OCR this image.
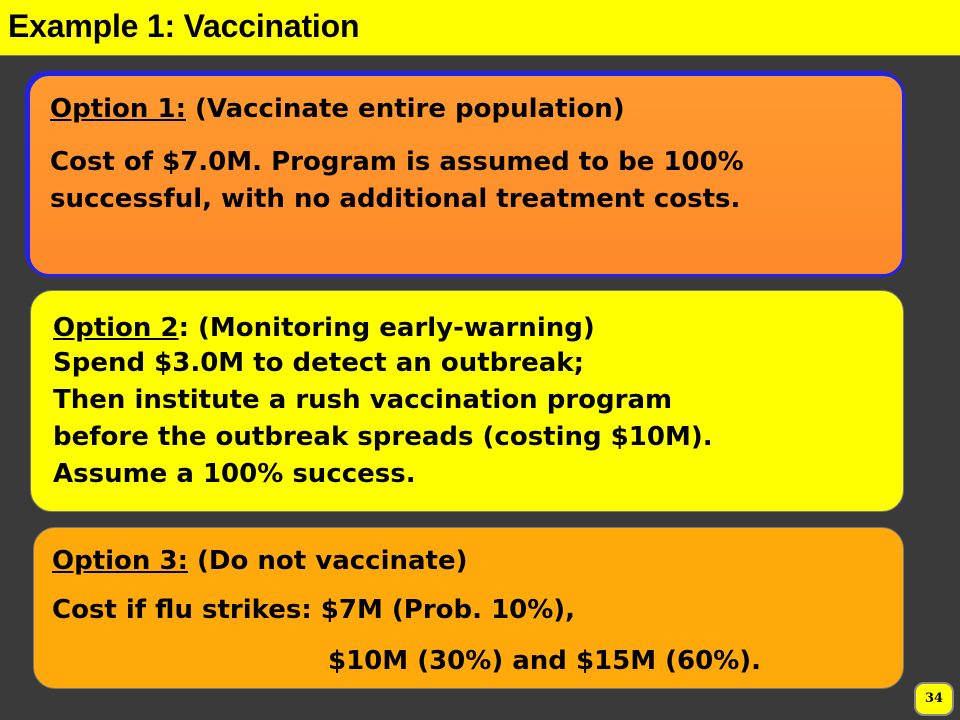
Example 1: Vaccination
Option 1: (Vaccinate entire population)
Cost of $7.0M. Program is assumed to be 100% successful, with no additional treatment costs.
Option 2: (Monitoring early-warning)
Spend $3.0M to detect an outbreak;
Then institute a rush vaccination program
before the outbreak spreads (costing $10M).
Assume a 100% success.
Option 3: (Do not vaccinate)
Cost if flu strikes: $7M (Prob. 10%),
$10M (30%) and $15M (60%).
34
